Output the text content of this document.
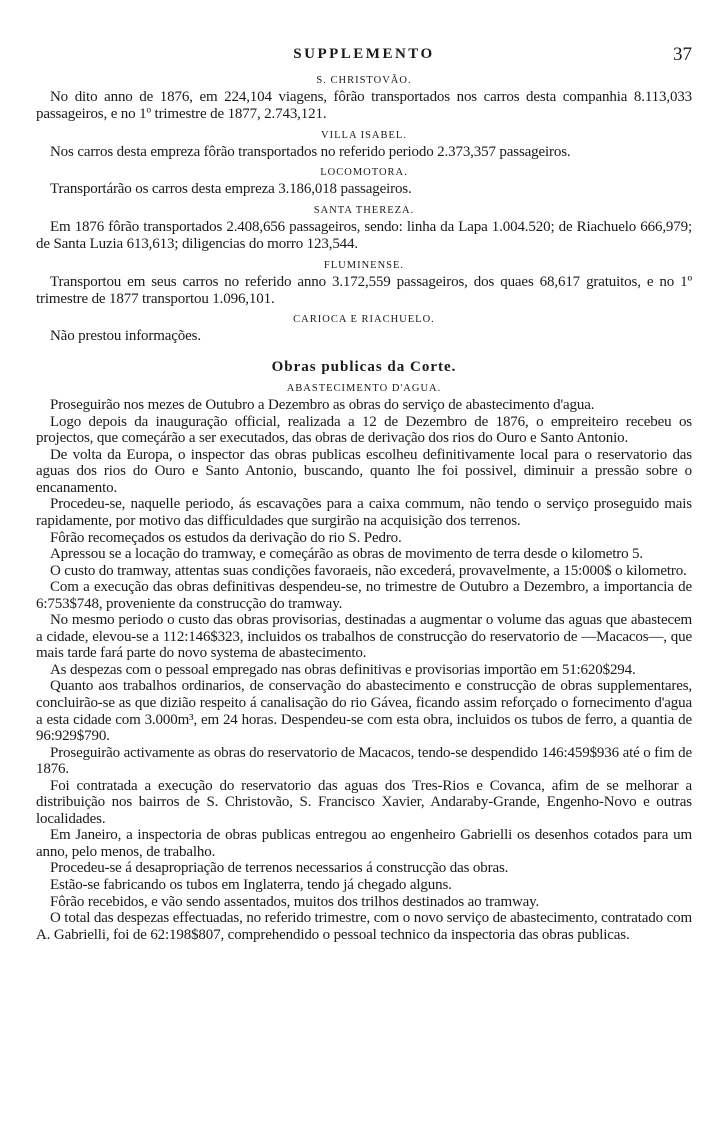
SUPPLEMENTO	37
S. CHRISTOVÃO.

No dito anno de 1876, em 224,104 viagens, fôrão transportados nos carros desta companhia 8.113,033 passageiros, e no 1º trimestre de 1877, 2.743,121.

VILLA ISABEL.

Nos carros desta empreza fôrão transportados no referido periodo 2.373,357 passageiros.

LOCOMOTORA.

Transportárão os carros desta empreza 3.186,018 passageiros.

SANTA THEREZA.

Em 1876 fôrão transportados 2.408,656 passageiros, sendo: linha da Lapa 1.004.520; de Riachuelo 666,979; de Santa Luzia 613,613; diligencias do morro 123,544.

FLUMINENSE.

Transportou em seus carros no referido anno 3.172,559 passageiros, dos quaes 68,617 gratuitos, e no 1º trimestre de 1877 transportou 1.096,101.

CARIOCA E RIACHUELO.

Não prestou informações.

Obras publicas da Corte.
ABASTECIMENTO D'AGUA.

Proseguirão nos mezes de Outubro a Dezembro as obras do serviço de abastecimento d'agua.

Logo depois da inauguração official, realizada a 12 de Dezembro de 1876, o empreiteiro recebeu os projectos, que começárão a ser executados, das obras de derivação dos rios do Ouro e Santo Antonio.

De volta da Europa, o inspector das obras publicas escolheu definitivamente local para o reservatorio das aguas dos rios do Ouro e Santo Antonio, buscando, quanto lhe foi possivel, diminuir a pressão sobre o encanamento.

Procedeu-se, naquelle periodo, ás escavações para a caixa commum, não tendo o serviço proseguido mais rapidamente, por motivo das difficuldades que surgirão na acquisição dos terrenos.

Fôrão recomeçados os estudos da derivação do rio S. Pedro.

Apressou se a locação do tramway, e começárão as obras de movimento de terra desde o kilometro 5.

O custo do tramway, attentas suas condições favoraeis, não excederá, provavelmente, a 15:000$ o kilometro.

Com a execução das obras definitivas despendeu-se, no trimestre de Outubro a Dezembro, a importancia de 6:753$748, proveniente da construcção do tramway.

No mesmo periodo o custo das obras provisorias, destinadas a augmentar o volume das aguas que abastecem a cidade, elevou-se a 112:146$323, incluidos os trabalhos de construcção do reservatorio de —Macacos—, que mais tarde fará parte do novo systema de abastecimento.

As despezas com o pessoal empregado nas obras definitivas e provisorias importão em 51:620$294.

Quanto aos trabalhos ordinarios, de conservação do abastecimento e construcção de obras supplementares, concluirão-se as que dizião respeito á canalisação do rio Gávea, ficando assim reforçado o fornecimento d'agua a esta cidade com 3.000m³, em 24 horas. Despendeu-se com esta obra, incluidos os tubos de ferro, a quantia de 96:929$790.

Proseguirão activamente as obras do reservatorio de Macacos, tendo-se despendido 146:459$936 até o fim de 1876.

Foi contratada a execução do reservatorio das aguas dos Tres-Rios e Covanca, afim de se melhorar a distribuição nos bairros de S. Christovão, S. Francisco Xavier, Andaraby-Grande, Engenho-Novo e outras localidades.

Em Janeiro, a inspectoria de obras publicas entregou ao engenheiro Gabrielli os desenhos cotados para um anno, pelo menos, de trabalho.

Procedeu-se á desapropriação de terrenos necessarios á construcção das obras.

Estão-se fabricando os tubos em Inglaterra, tendo já chegado alguns.

Fôrão recebidos, e vão sendo assentados, muitos dos trilhos destinados ao tramway.

O total das despezas effectuadas, no referido trimestre, com o novo serviço de abastecimento, contratado com A. Gabrielli, foi de 62:198$807, comprehendido o pessoal technico da inspectoria das obras publicas.
